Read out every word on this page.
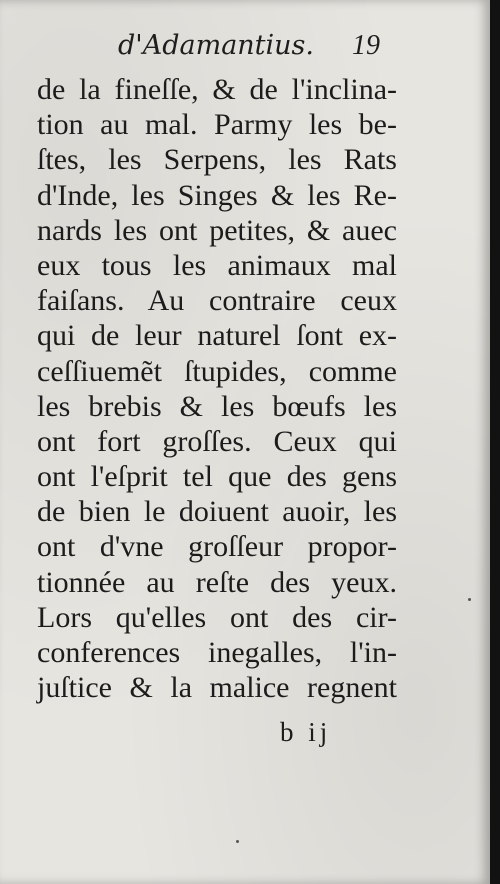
d'Adamantius. 19
de la fineſſe, & de l'inclina-
tion au mal. Parmy les be-
ſtes, les Serpens, les Rats
d'Inde, les Singes & les Re-
nards les ont petites, & auec
eux tous les animaux mal
faiſans. Au contraire ceux
qui de leur naturel ſont ex-
ceſſiuemẽt ſtupides, comme
les brebis & les bœufs les
ont fort groſſes. Ceux qui
ont l'eſprit tel que des gens
de bien le doiuent auoir, les
ont d'vne groſſeur propor-
tionnée au reſte des yeux.
Lors qu'elles ont des cir-
conferences inegalles, l'in-
juſtice & la malice regnent
b ij
